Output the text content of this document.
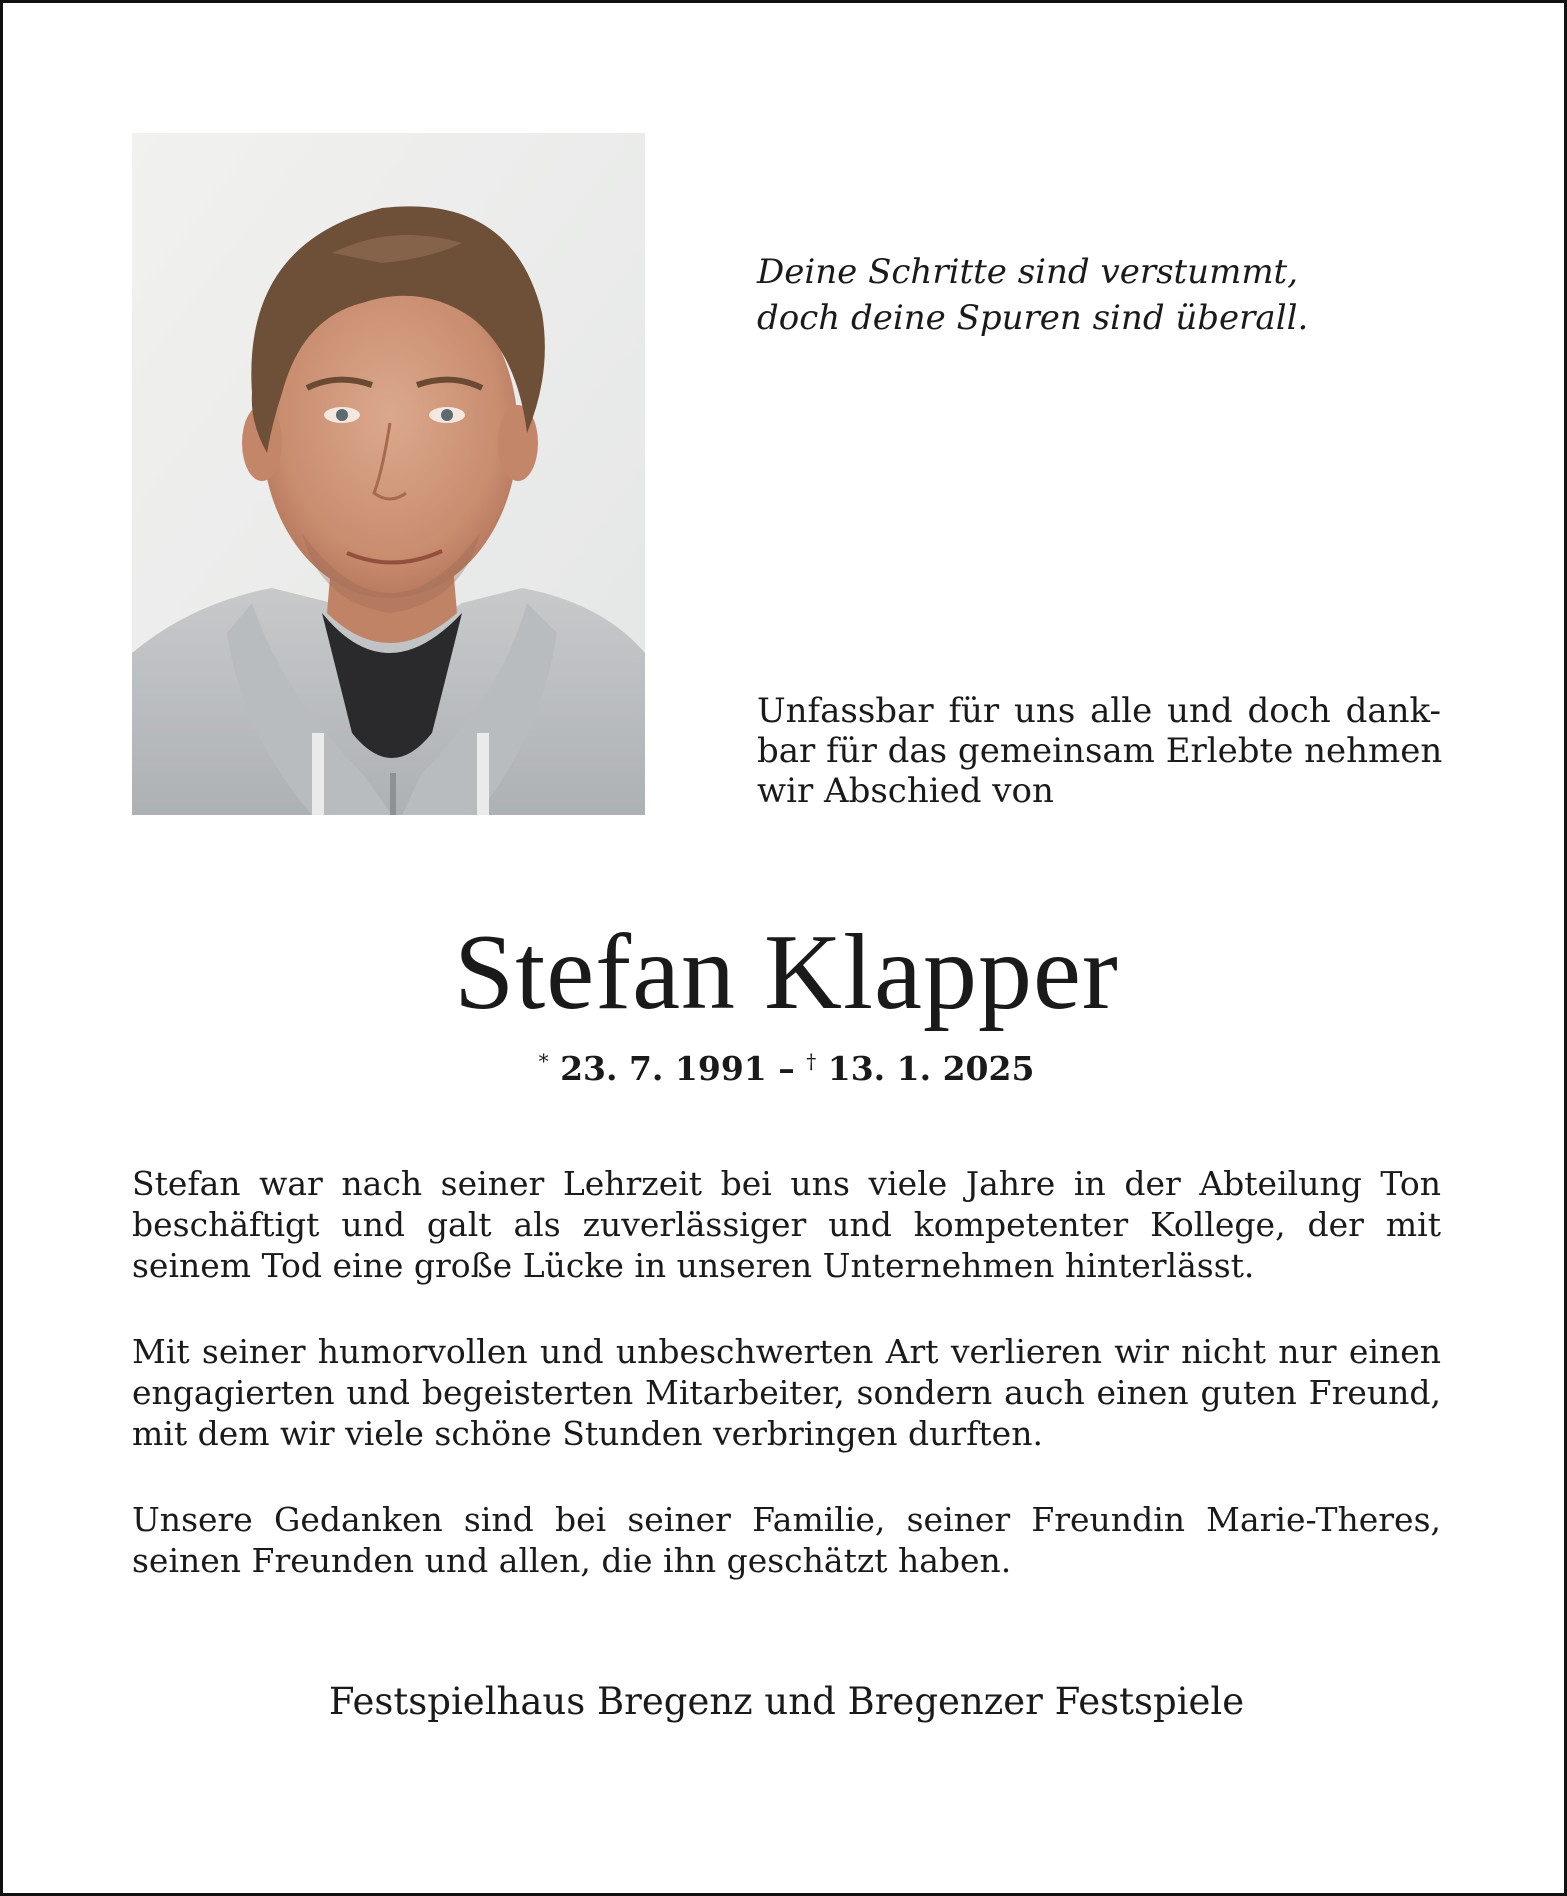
Deine Schritte sind verstummt,
doch deine Spuren sind überall.
Unfassbar für uns alle und doch dank-
bar für das gemeinsam Erlebte nehmen
wir Abschied von
Stefan Klapper
* 23. 7. 1991 – † 13. 1. 2025
Stefan war nach seiner Lehrzeit bei uns viele Jahre in der Abteilung Ton
beschäftigt und galt als zuverlässiger und kompetenter Kollege, der mit
seinem Tod eine große Lücke in unseren Unternehmen hinterlässt.
Mit seiner humorvollen und unbeschwerten Art verlieren wir nicht nur einen
engagierten und begeisterten Mitarbeiter, sondern auch einen guten Freund,
mit dem wir viele schöne Stunden verbringen durften.
Unsere Gedanken sind bei seiner Familie, seiner Freundin Marie-Theres,
seinen Freunden und allen, die ihn geschätzt haben.
Festspielhaus Bregenz und Bregenzer Festspiele
